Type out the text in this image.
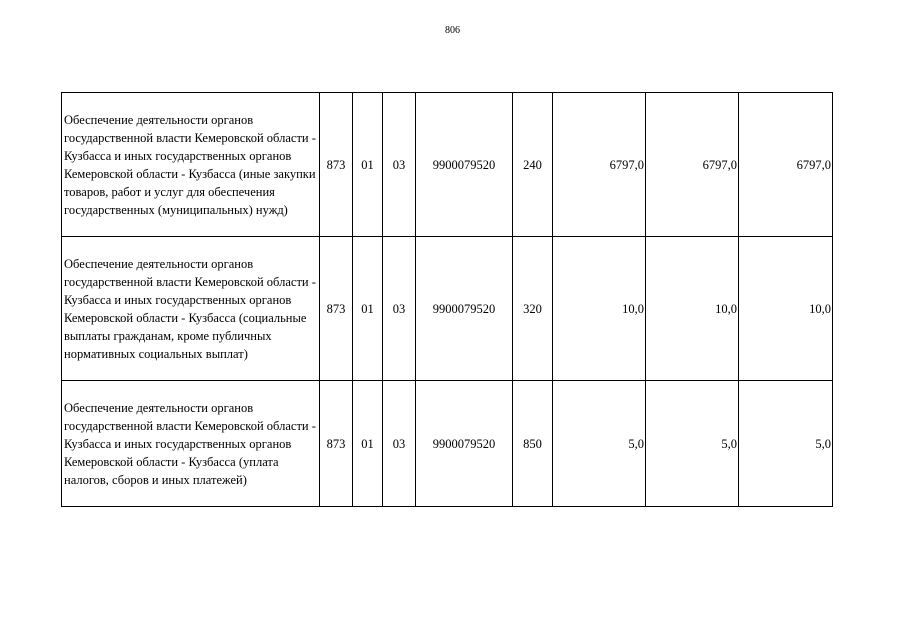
806
Обеспечение деятельности органов государственной власти Кемеровской области - Кузбасса и иных государственных органов Кемеровской области - Кузбасса (иные закупки товаров, работ и услуг для обеспечения государственных (муниципальных) нужд)	873	01	03	9900079520	240	6797,0	6797,0	6797,0
Обеспечение деятельности органов государственной власти Кемеровской области - Кузбасса и иных государственных органов Кемеровской области - Кузбасса (социальные выплаты гражданам, кроме публичных нормативных социальных выплат)	873	01	03	9900079520	320	10,0	10,0	10,0
Обеспечение деятельности органов государственной власти Кемеровской области - Кузбасса и иных государственных органов Кемеровской области - Кузбасса (уплата налогов, сборов и иных платежей)	873	01	03	9900079520	850	5,0	5,0	5,0
